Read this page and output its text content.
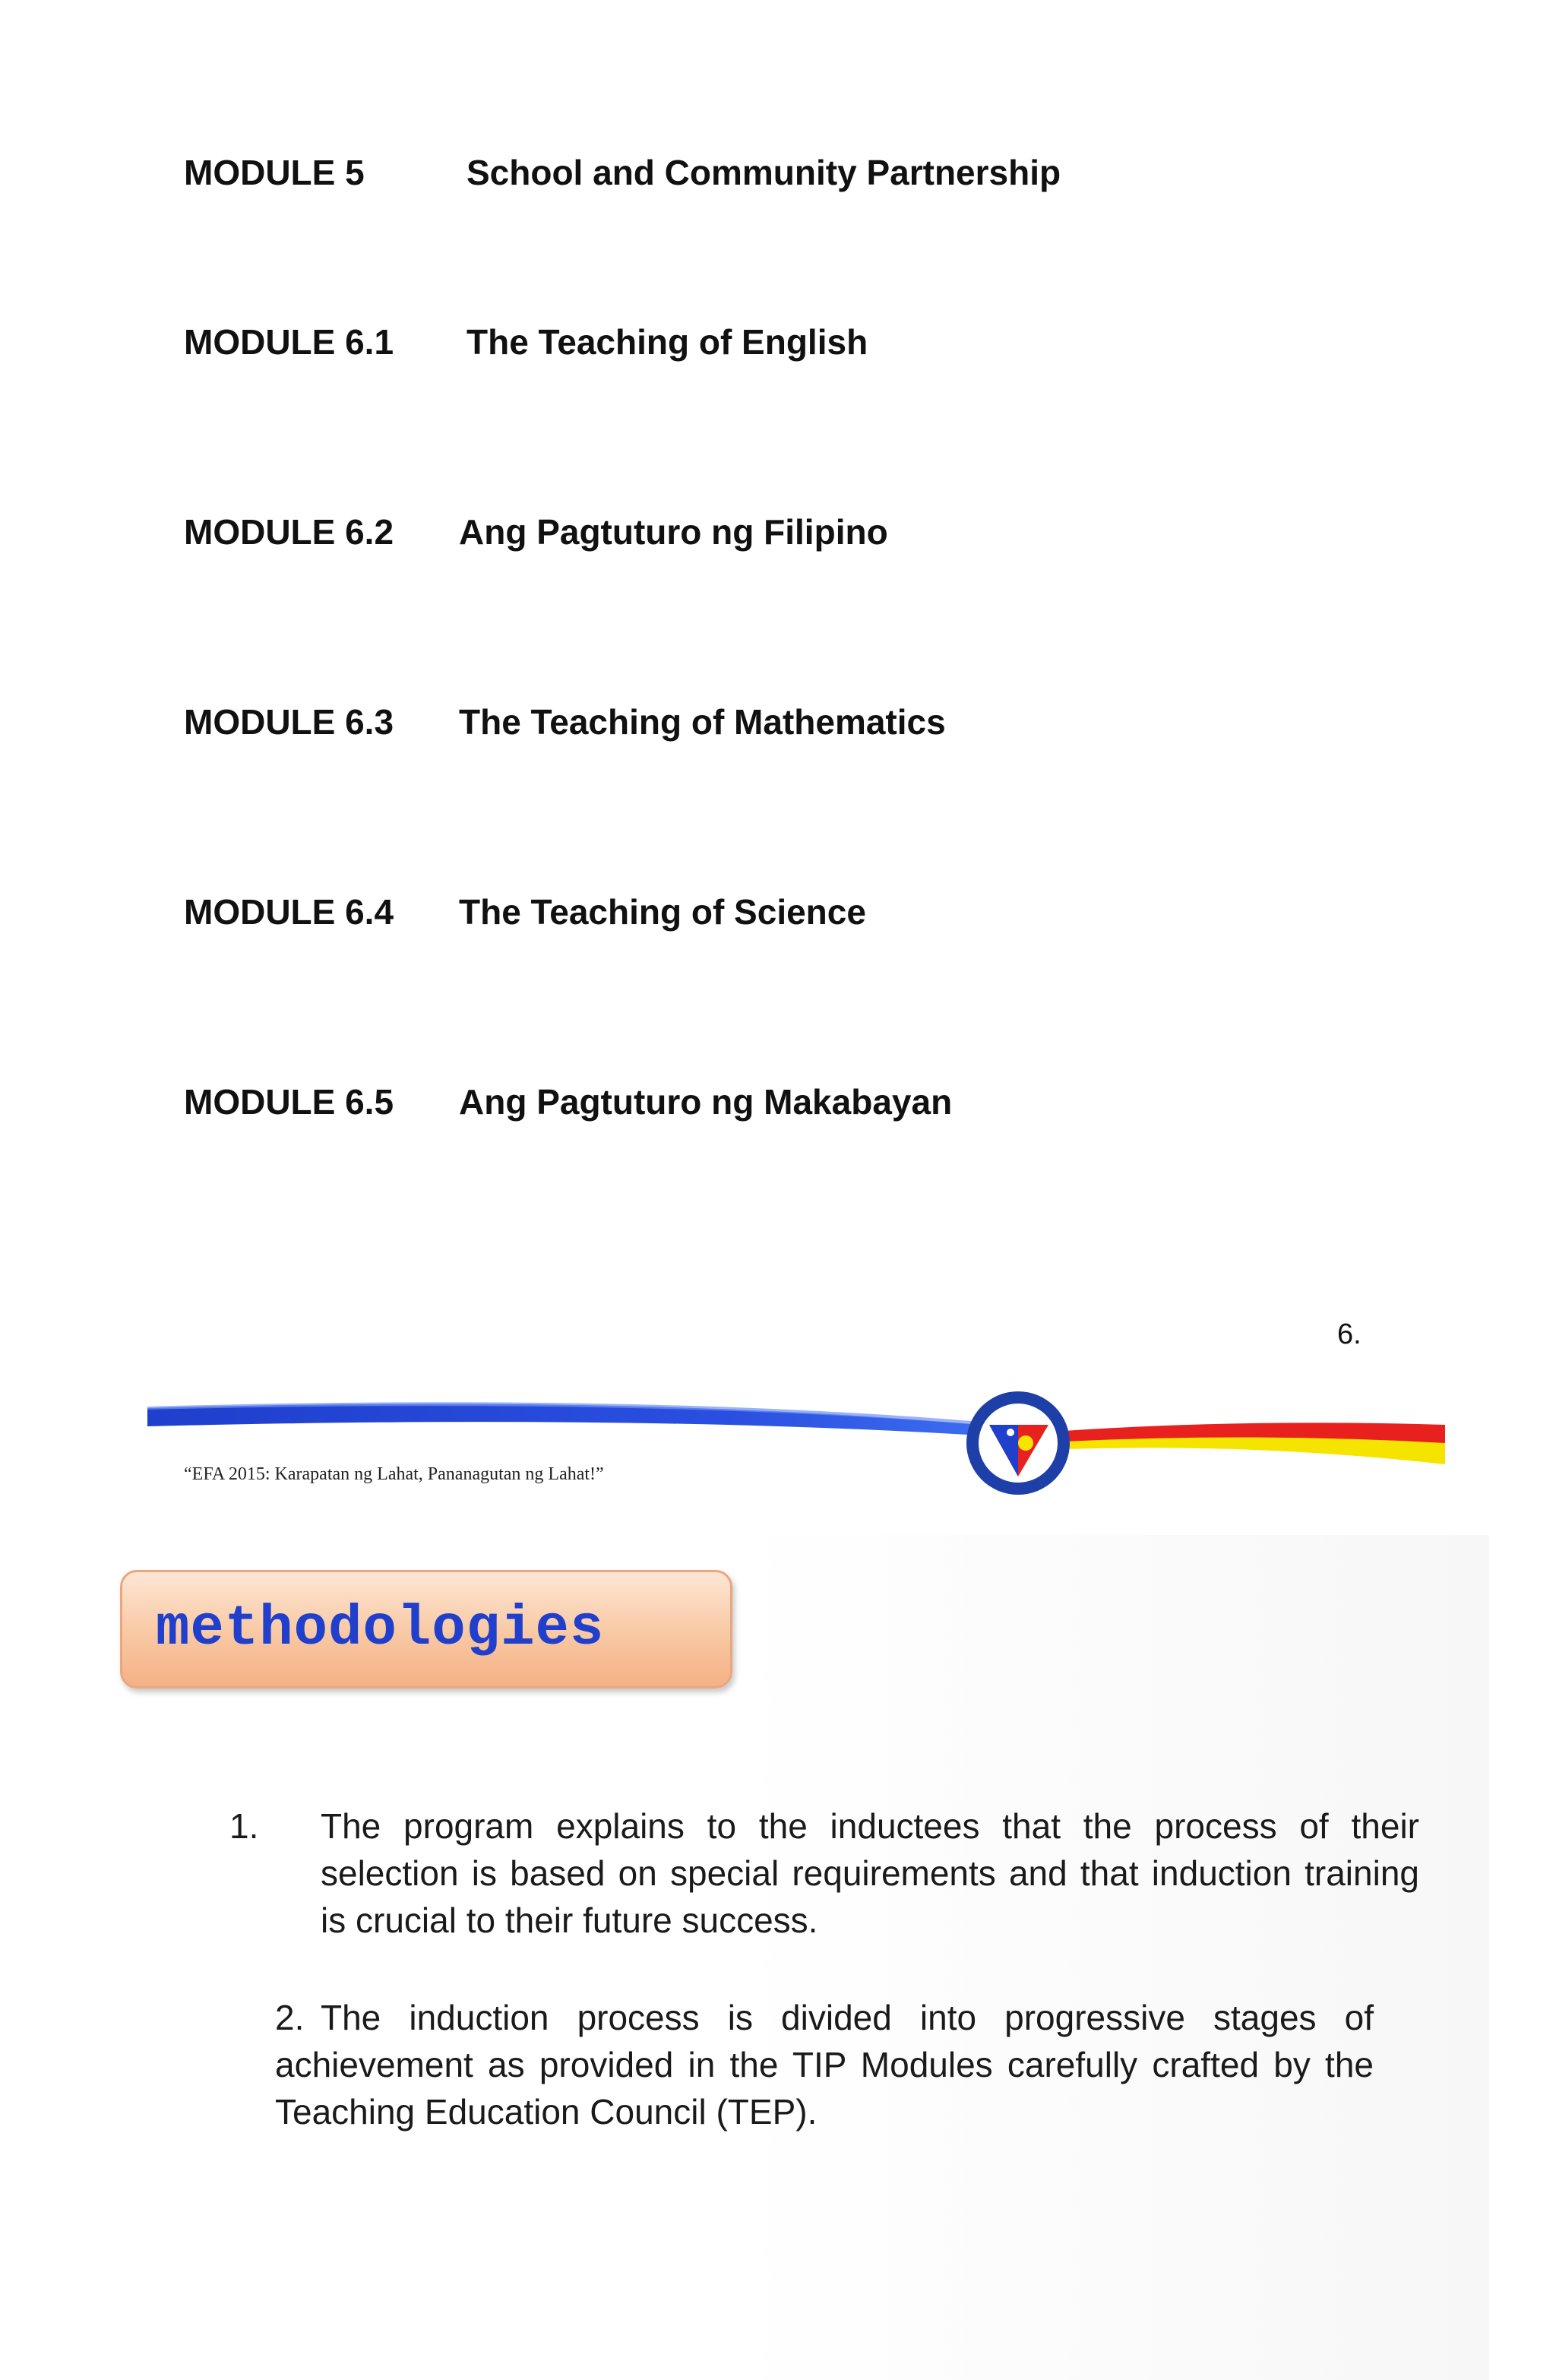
MODULE 5	School and Community Partnership
MODULE 6.1	The Teaching of English
MODULE 6.2	Ang Pagtuturo ng Filipino
MODULE 6.3	The Teaching of Mathematics
MODULE 6.4	The Teaching of Science
MODULE 6.5	Ang Pagtuturo ng Makabayan
6.
“EFA 2015: Karapatan ng Lahat, Pananagutan ng Lahat!”
methodologies
1. The program explains to the inductees that the process of their selection is based on special requirements and that induction training is crucial to their future success.
2. The induction process is divided into progressive stages of achievement as provided in the TIP Modules carefully crafted by the Teaching Education Council (TEP).
